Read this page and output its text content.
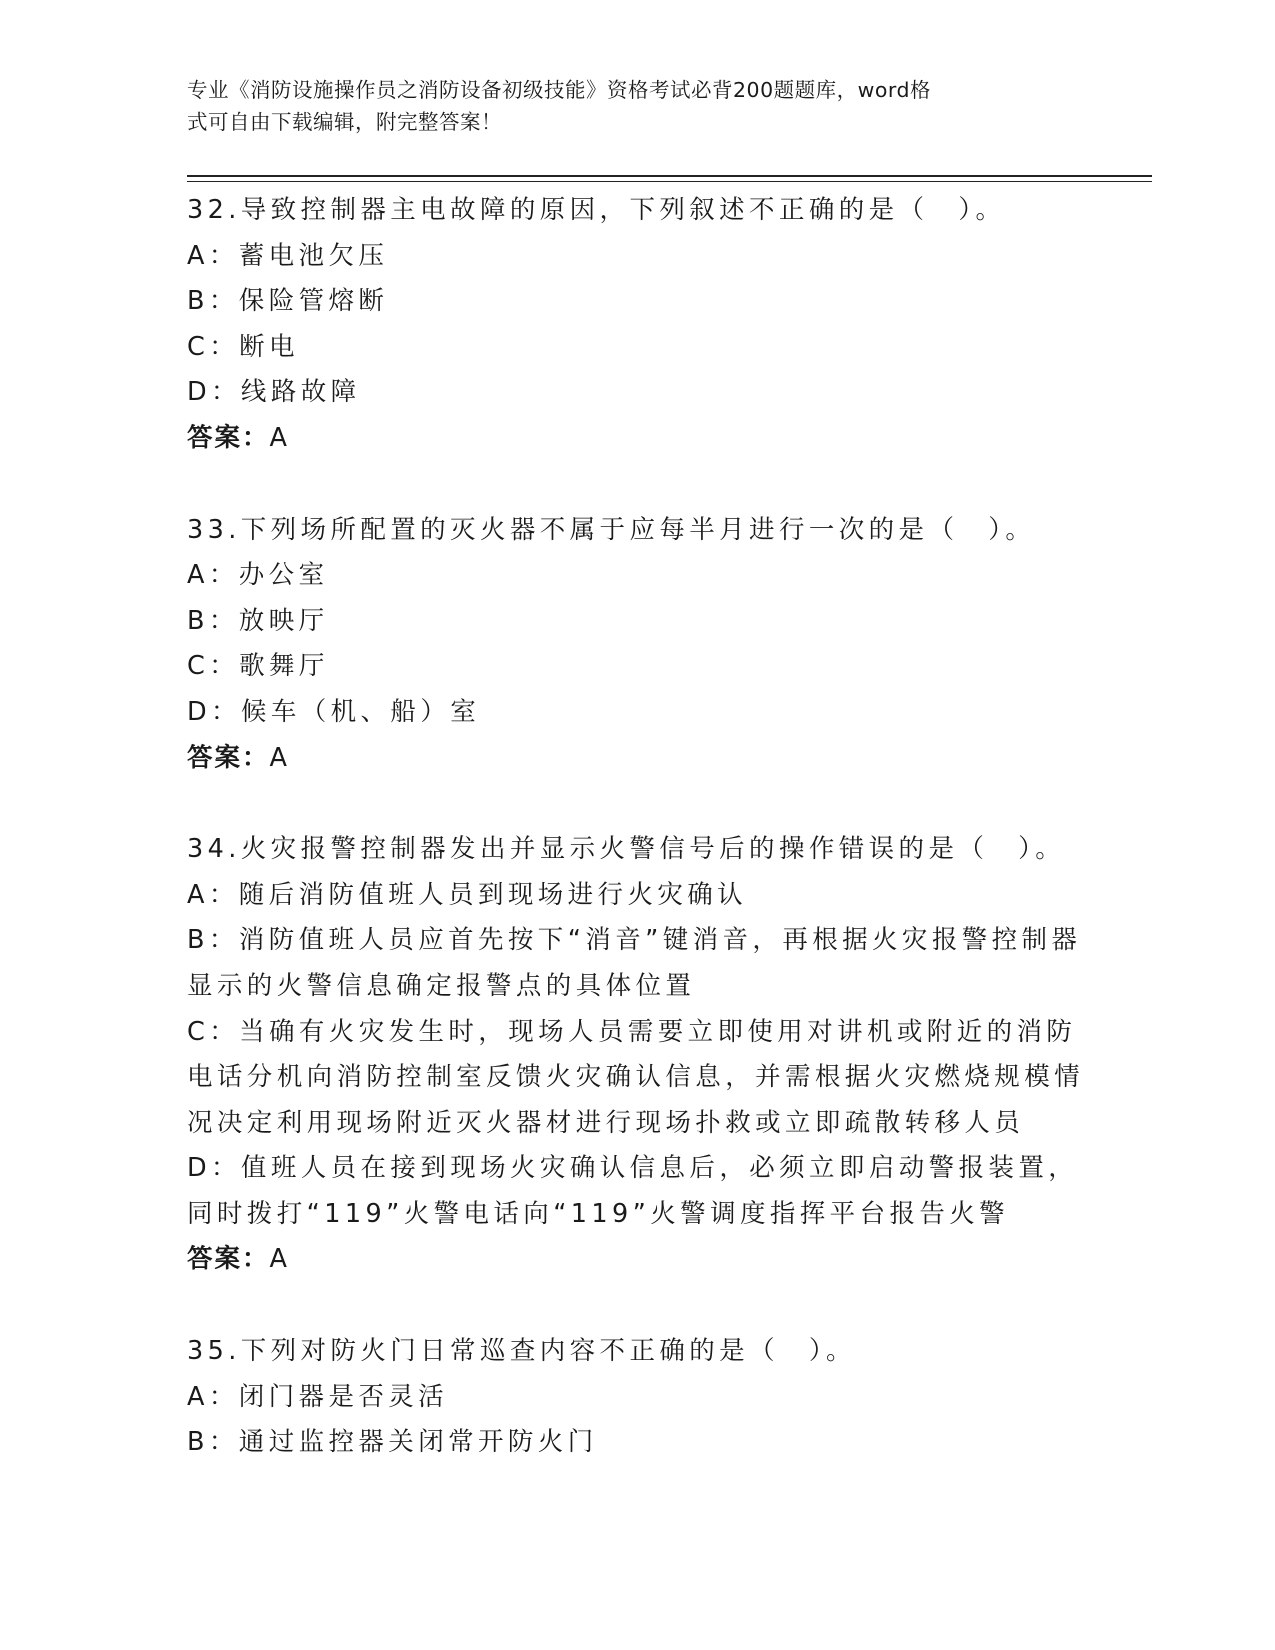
专业《消防设施操作员之消防设备初级技能》资格考试必背200题题库，word格
式可自由下载编辑，附完整答案！
32.导致控制器主电故障的原因，下列叙述不正确的是（　）。
A：蓄电池欠压
B：保险管熔断
C：断电
D：线路故障
答案：A
33.下列场所配置的灭火器不属于应每半月进行一次的是（　）。
A：办公室
B：放映厅
C：歌舞厅
D：候车（机、船）室
答案：A
34.火灾报警控制器发出并显示火警信号后的操作错误的是（　）。
A：随后消防值班人员到现场进行火灾确认
B：消防值班人员应首先按下“消音”键消音，再根据火灾报警控制器显示的火警信息确定报警点的具体位置
C：当确有火灾发生时，现场人员需要立即使用对讲机或附近的消防电话分机向消防控制室反馈火灾确认信息，并需根据火灾燃烧规模情况决定利用现场附近灭火器材进行现场扑救或立即疏散转移人员
D：值班人员在接到现场火灾确认信息后，必须立即启动警报装置，同时拨打“119”火警电话向“119”火警调度指挥平台报告火警
答案：A
35.下列对防火门日常巡查内容不正确的是（　）。
A：闭门器是否灵活
B：通过监控器关闭常开防火门
